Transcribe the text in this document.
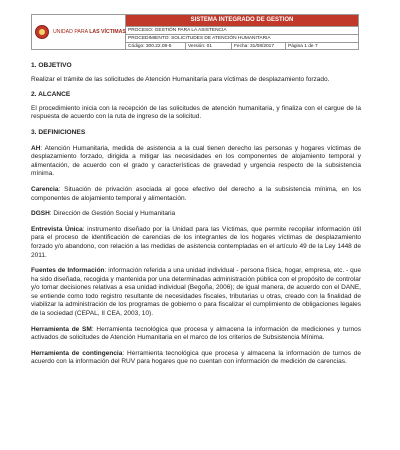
UNIDAD PARA LAS VÍCTIMAS
SISTEMA INTEGRADO DE GESTION
PROCESO: GESTIÓN PARA LA ASISTENCIA
PROCEDIMIENTO: SOLICITUDES DE ATENCIÓN HUMANITARIA
Código: 300.22.08-5	Versión: 01	Fecha: 31/08/2017	Página 1 de 7

1. OBJETIVO

Realizar el trámite de las solicitudes de Atención Humanitaria para víctimas de desplazamiento forzado.

2. ALCANCE

El procedimiento inicia con la recepción de las solicitudes de atención humanitaria, y finaliza con el cargue de la respuesta de acuerdo con la ruta de ingreso de la solicitud.

3. DEFINICIONES

AH: Atención Humanitaria, medida de asistencia a la cual tienen derecho las personas y hogares víctimas de desplazamiento forzado, dirigida a mitigar las necesidades en los componentes de alojamiento temporal y alimentación, de acuerdo con el grado y características de gravedad y urgencia respecto de la subsistencia mínima.

Carencia: Situación de privación asociada al goce efectivo del derecho a la subsistencia mínima, en los componentes de alojamiento temporal y alimentación.

DGSH: Dirección de Gestión Social y Humanitaria

Entrevista Única: instrumento diseñado por la Unidad para las Víctimas, que permite recopilar información útil para el proceso de identificación de carencias de los integrantes de los hogares víctimas de desplazamiento forzado y/o abandono, con relación a las medidas de asistencia contempladas en el artículo 49 de la Ley 1448 de 2011.

Fuentes de Información: información referida a una unidad individual - persona física, hogar, empresa, etc. - que ha sido diseñada, recogida y mantenida por una determinadas administración pública con el propósito de controlar y/o tomar decisiones relativas a esa unidad individual (Begoña, 2006); de igual manera, de acuerdo con el DANE, se entiende como todo registro resultante de necesidades fiscales, tributarias u otras, creado con la finalidad de viabilizar la administración de los programas de gobierno o para fiscalizar el cumplimiento de obligaciones legales de la sociedad (CEPAL, II CEA, 2003, 10).

Herramienta de SM: Herramienta tecnológica que procesa y almacena la información de mediciones y turnos activados de solicitudes de Atención Humanitaria en el marco de los criterios de Subsistencia Mínima.

Herramienta de contingencia: Herramienta tecnológica que procesa y almacena la información de turnos de acuerdo con la información del RUV para hogares que no cuentan con información de medición de carencias.
